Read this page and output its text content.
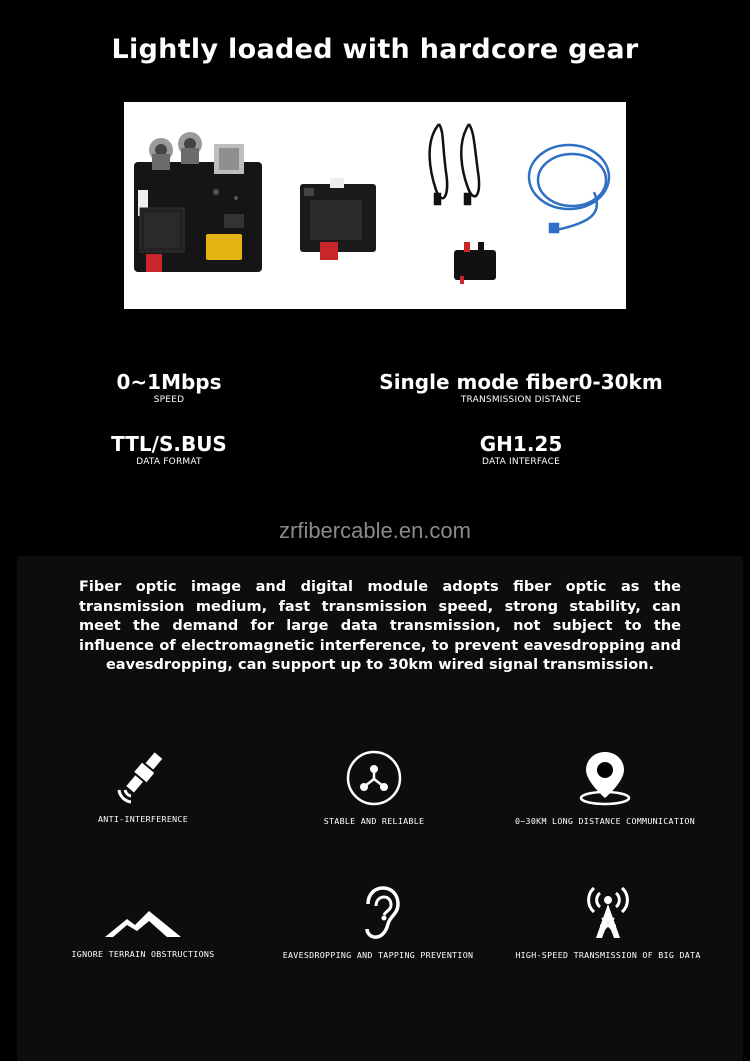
Lightly loaded with hardcore gear
0~1Mbps
SPEED
Single mode fiber0-30km
TRANSMISSION DISTANCE
TTL/S.BUS
DATA FORMAT
GH1.25
DATA INTERFACE
zrfibercable.en.com
Fiber optic image and digital module adopts fiber optic as the transmission medium, fast transmission speed, strong stability, can meet the demand for large data transmission, not subject to the influence of electromagnetic interference, to prevent eavesdropping and eavesdropping, can support up to 30km wired signal transmission.
ANTI-INTERFERENCE	STABLE AND RELIABLE	0~30KM LONG DISTANCE COMMUNICATION
IGNORE TERRAIN OBSTRUCTIONS	EAVESDROPPING AND TAPPING PREVENTION	HIGH-SPEED TRANSMISSION OF BIG DATA
